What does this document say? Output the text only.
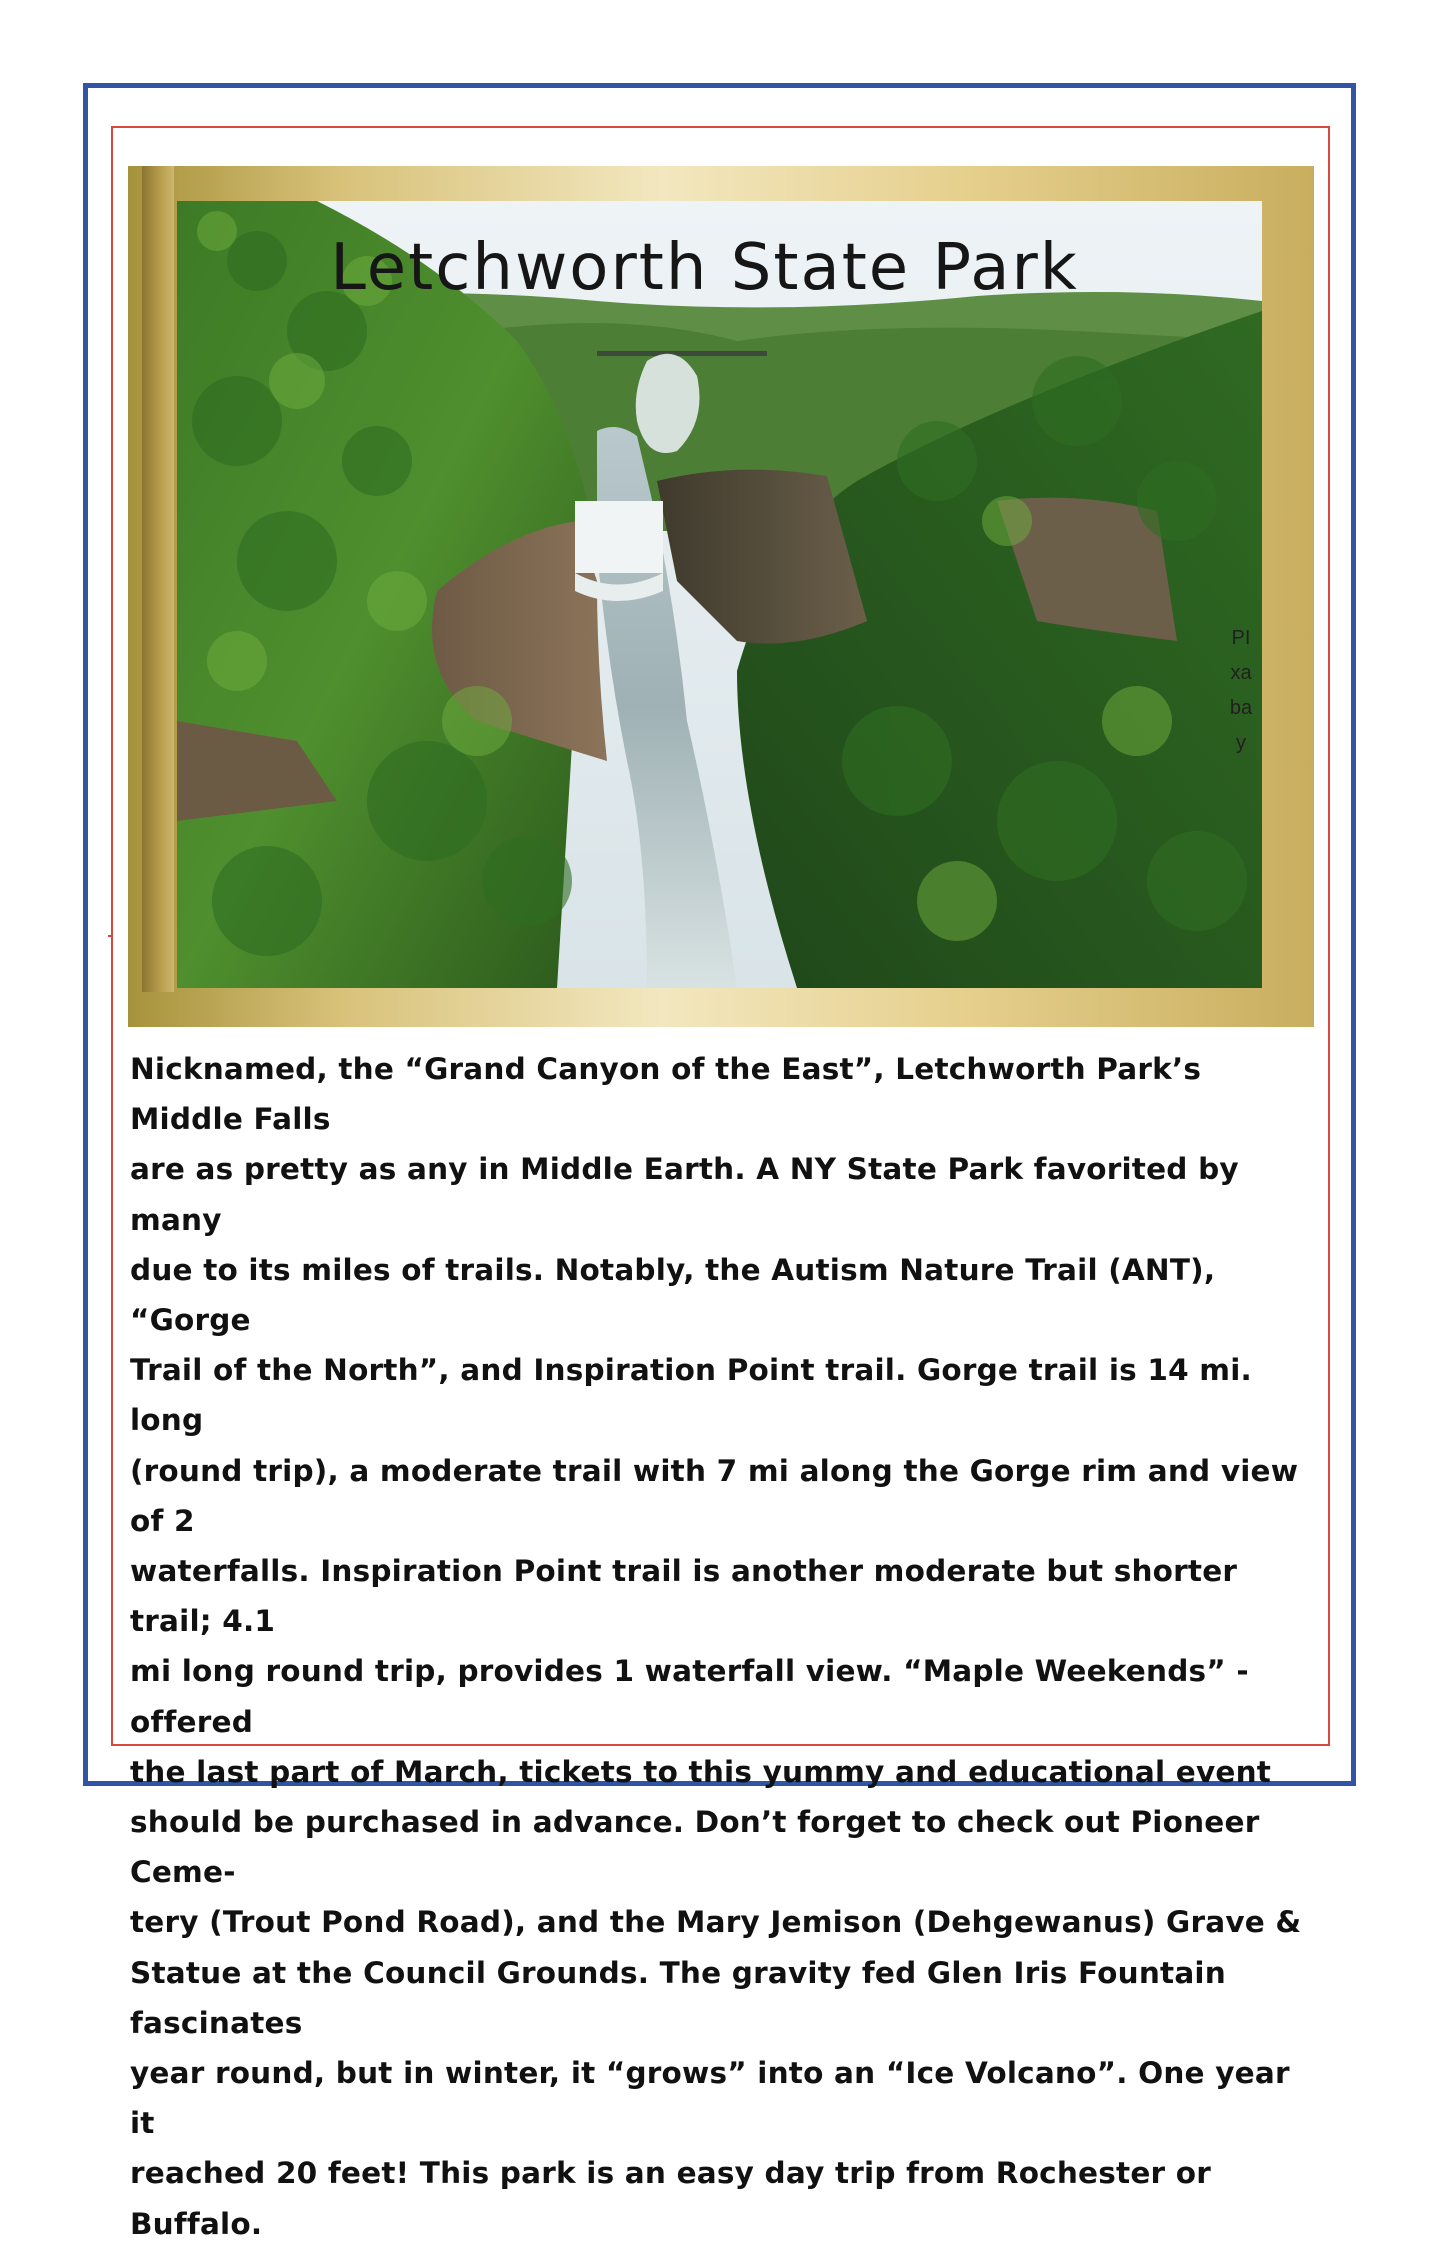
Letchworth State Park
PIxabay
Nicknamed, the “Grand Canyon of the East”, Letchworth Park’s Middle Falls
are as pretty as any in Middle Earth. A NY State Park favorited by many
due to its miles of trails. Notably, the Autism Nature Trail (ANT), “Gorge
Trail of the North”, and Inspiration Point trail. Gorge trail is 14 mi. long
(round trip), a moderate trail with 7 mi along the Gorge rim and view of 2
waterfalls. Inspiration Point trail is another moderate but shorter trail; 4.1
mi long round trip, provides 1 waterfall view. “Maple Weekends” -offered
the last part of March, tickets to this yummy and educational event
should be purchased in advance. Don’t forget to check out Pioneer Ceme-
tery (Trout Pond Road), and the Mary Jemison (Dehgewanus) Grave &
Statue at the Council Grounds. The gravity fed Glen Iris Fountain fascinates
year round, but in winter, it “grows” into an “Ice Volcano”. One year it
reached 20 feet! This park is an easy day trip from Rochester or Buffalo.
